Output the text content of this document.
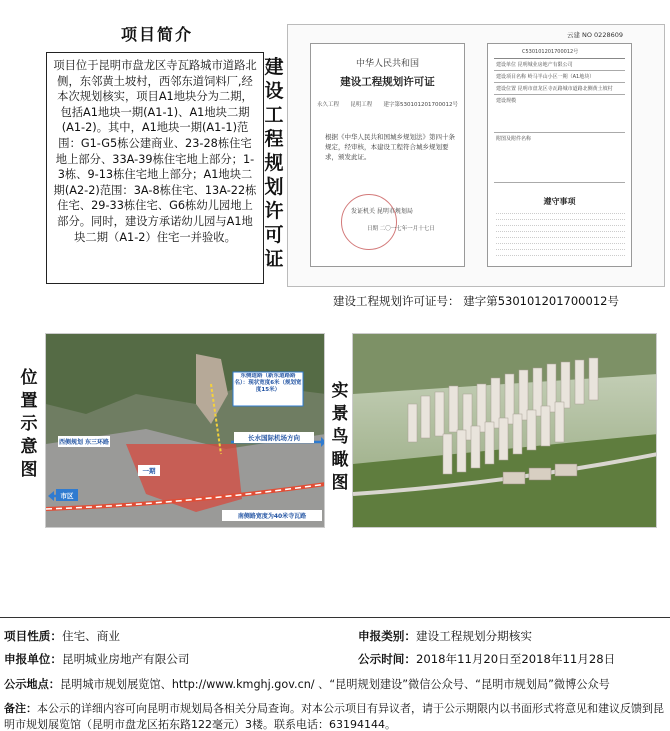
项目简介
项目位于昆明市盘龙区寺瓦路城市道路北侧，东邻黄土坡村，西邻东道饲料厂,经本次规划核实，项目A1地块分为二期，包括A1地块一期(A1-1)、A1地块二期(A1-2)。其中，A1地块一期(A1-1)范围：G1-G5栋公建商业、23-28栋住宅地上部分、33A-39栋住宅地上部分；1-3栋、9-13栋住宅地上部分；A1地块二期(A2-2)范围：3A-8栋住宅、13A-22栋住宅、29-33栋住宅、G6栋幼儿园地上部分。同时，建设方承诺幼儿园与A1地块二期（A1-2）住宅一并验收。
建
设
工
程
规
划
许
可
证
中华人民共和国
建设工程规划许可证
永久工程 昆明工程 建字第530101201700012号
根据《中华人民共和国城乡规划法》第四十条规定，经审核，本建设工程符合城乡规划要求，颁发此证。
发证机关 昆明市规划局
日期 二〇一七年一月十七日
云建 NO 0228609
C530101201700012号
建设单位 昆明城业房地产有限公司
建设项目名称 岭马半山小区一期（A1地块）
建设位置 昆明市盘龙区寺瓦路城市道路北侧黄土坡村
建设规模
附图及附件名称
遵守事项
建设工程规划许可证号： 建字第530101201700012号
位
置
示
意
图
东侧道路（新东道路路名）：现状宽度6米（规划宽度15米）
西侧规划 东三环路
长水国际机场方向
一期
市区
南侧路宽度为40米寺瓦路
实
景
鸟
瞰
图
项目性质：住宅、商业	申报类别：建设工程规划分期核实
申报单位：昆明城业房地产有限公司	公示时间：2018年11月20日至2018年11月28日
公示地点：昆明城市规划展览馆、http://www.kmghj.gov.cn/ 、“昆明规划建设”微信公众号、“昆明市规划局”微博公众号
备注：本公示的详细内容可向昆明市规划局各相关分局查询。对本公示项目有异议者，请于公示期限内以书面形式将意见和建议反馈到昆明市规划展览馆（昆明市盘龙区拓东路122毫元）3楼。联系电话：63194144。
